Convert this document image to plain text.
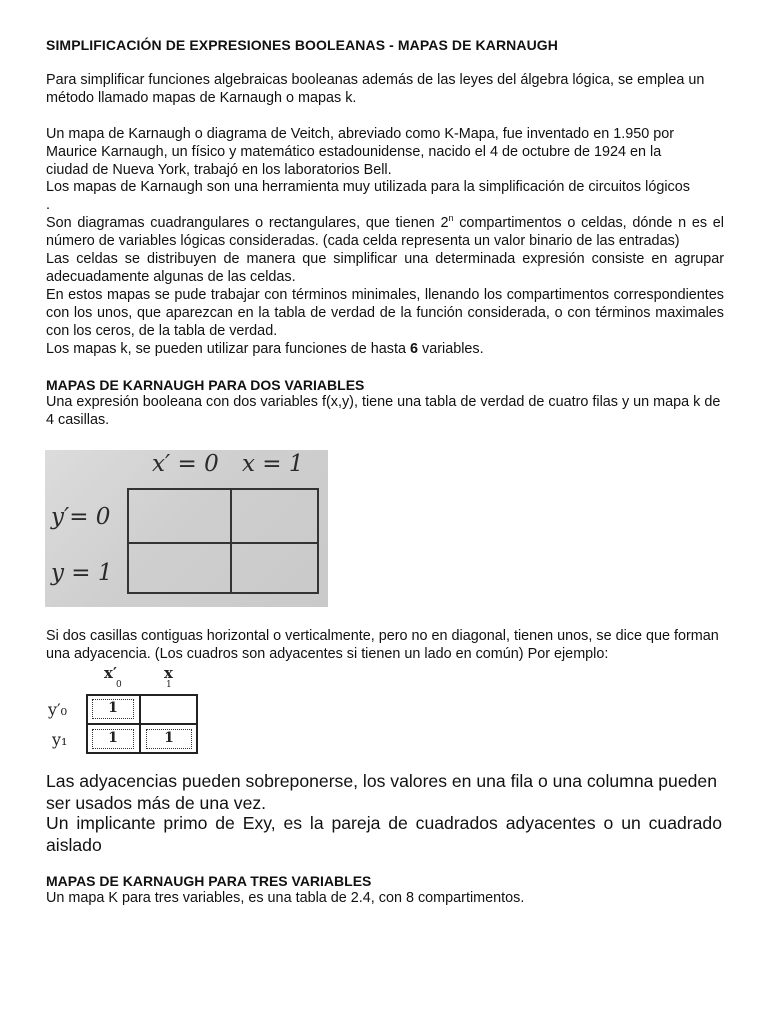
SIMPLIFICACIÓN DE EXPRESIONES BOOLEANAS - MAPAS DE KARNAUGH

Para simplificar funciones algebraicas booleanas además de las leyes del álgebra lógica, se emplea un método llamado mapas de Karnaugh o mapas k.

Un mapa de Karnaugh o diagrama de Veitch, abreviado como K-Mapa, fue inventado en 1.950 por
Maurice Karnaugh, un físico y matemático estadounidense, nacido el 4 de octubre de 1924 en la
ciudad de Nueva York, trabajó en los laboratorios Bell.
Los mapas de Karnaugh son una herramienta muy utilizada para la simplificación de circuitos lógicos
.

Son diagramas cuadrangulares o rectangulares, que tienen 2$^n$ compartimentos o celdas, dónde n es el número de variables lógicas consideradas. (cada celda representa un valor binario de las entradas)

Las celdas se distribuyen de manera que simplificar una determinada expresión consiste en agrupar adecuadamente algunas de las celdas.

En estos mapas se pude trabajar con términos minimales, llenando los compartimentos correspondientes con los unos, que aparezcan en la tabla de verdad de la función considerada, o con términos maximales con los ceros, de la tabla de verdad.

Los mapas k, se pueden utilizar para funciones de hasta 6 variables.

MAPAS DE KARNAUGH PARA DOS VARIABLES

Una expresión booleana con dos variables f(x,y), tiene una tabla de verdad de cuatro filas y un mapa k de 4 casillas.

Si dos casillas contiguas horizontal o verticalmente, pero no en diagonal, tienen unos, se dice que forman una adyacencia. (Los cuadros son adyacentes si tienen un lado en común) Por ejemplo:

Las adyacencias pueden sobreponerse, los valores en una fila o una columna pueden ser usados más de una vez.

Un implicante primo de Exy, es la pareja de cuadrados adyacentes o un cuadrado aislado

MAPAS DE KARNAUGH PARA TRES VARIABLES

Un mapa K para tres variables, es una tabla de 2.4, con 8 compartimentos.

x′ = 0 x = 1
y′= 0
y = 1
x′
0
x
1
y′₀
y₁
1
1	1
